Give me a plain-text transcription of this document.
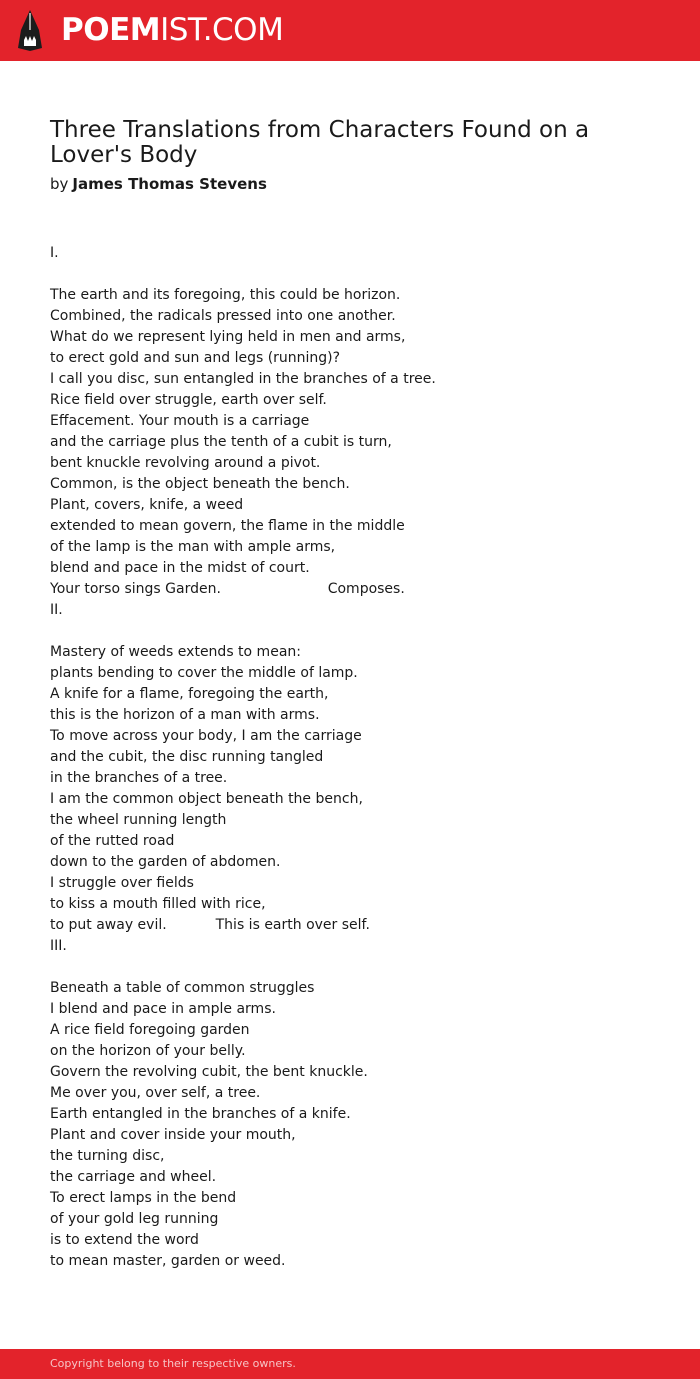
POEMIST.COM
Three Translations from Characters Found on a Lover's Body
by James Thomas Stevens
I.
The earth and its foregoing, this could be horizon.
Combined, the radicals pressed into one another.
What do we represent lying held in men and arms,
to erect gold and sun and legs (running)?
I call you disc, sun entangled in the branches of a tree.
Rice field over struggle, earth over self.
Effacement. Your mouth is a carriage
and the carriage plus the tenth of a cubit is turn,
bent knuckle revolving around a pivot.
Common, is the object beneath the bench.
Plant, covers, knife, a weed
extended to mean govern, the flame in the middle
of the lamp is the man with ample arms,
blend and pace in the midst of court.
Your torso sings Garden.                        Composes.
II.
Mastery of weeds extends to mean:
plants bending to cover the middle of lamp.
A knife for a flame, foregoing the earth,
this is the horizon of a man with arms.
To move across your body, I am the carriage
and the cubit, the disc running tangled
in the branches of a tree.
I am the common object beneath the bench,
the wheel running length
of the rutted road
down to the garden of abdomen.
I struggle over fields
to kiss a mouth filled with rice,
to put away evil.           This is earth over self.
III.
Beneath a table of common struggles
I blend and pace in ample arms.
A rice field foregoing garden
on the horizon of your belly.
Govern the revolving cubit, the bent knuckle.
Me over you, over self, a tree.
Earth entangled in the branches of a knife.
Plant and cover inside your mouth,
the turning disc,
the carriage and wheel.
To erect lamps in the bend
of your gold leg running
is to extend the word
to mean master, garden or weed.
Copyright belong to their respective owners.
